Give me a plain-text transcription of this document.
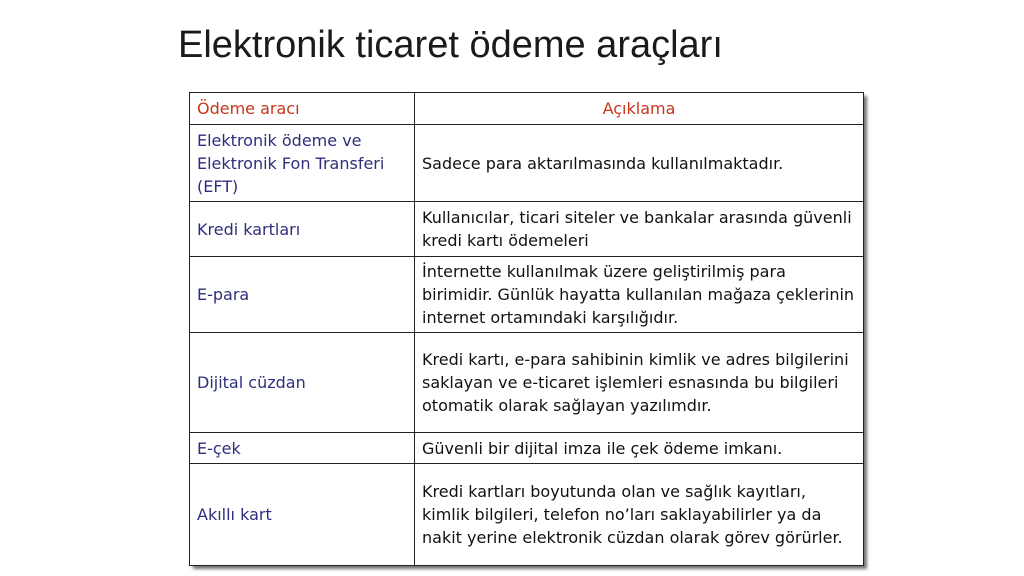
Elektronik ticaret ödeme araçları
Ödeme aracı	Açıklama
Elektronik ödeme ve Elektronik Fon Transferi (EFT)	Sadece para aktarılmasında kullanılmaktadır.
Kredi kartları	Kullanıcılar, ticari siteler ve bankalar arasında güvenli kredi kartı ödemeleri
E-para	İnternette kullanılmak üzere geliştirilmiş para birimidir. Günlük hayatta kullanılan mağaza çeklerinin internet ortamındaki karşılığıdır.
Dijital cüzdan	Kredi kartı, e-para sahibinin kimlik ve adres bilgilerini saklayan ve e-ticaret işlemleri esnasında bu bilgileri otomatik olarak sağlayan yazılımdır.
E-çek	Güvenli bir dijital imza ile çek ödeme imkanı.
Akıllı kart	Kredi kartları boyutunda olan ve sağlık kayıtları, kimlik bilgileri, telefon no’ları saklayabilirler ya da nakit yerine elektronik cüzdan olarak görev görürler.
